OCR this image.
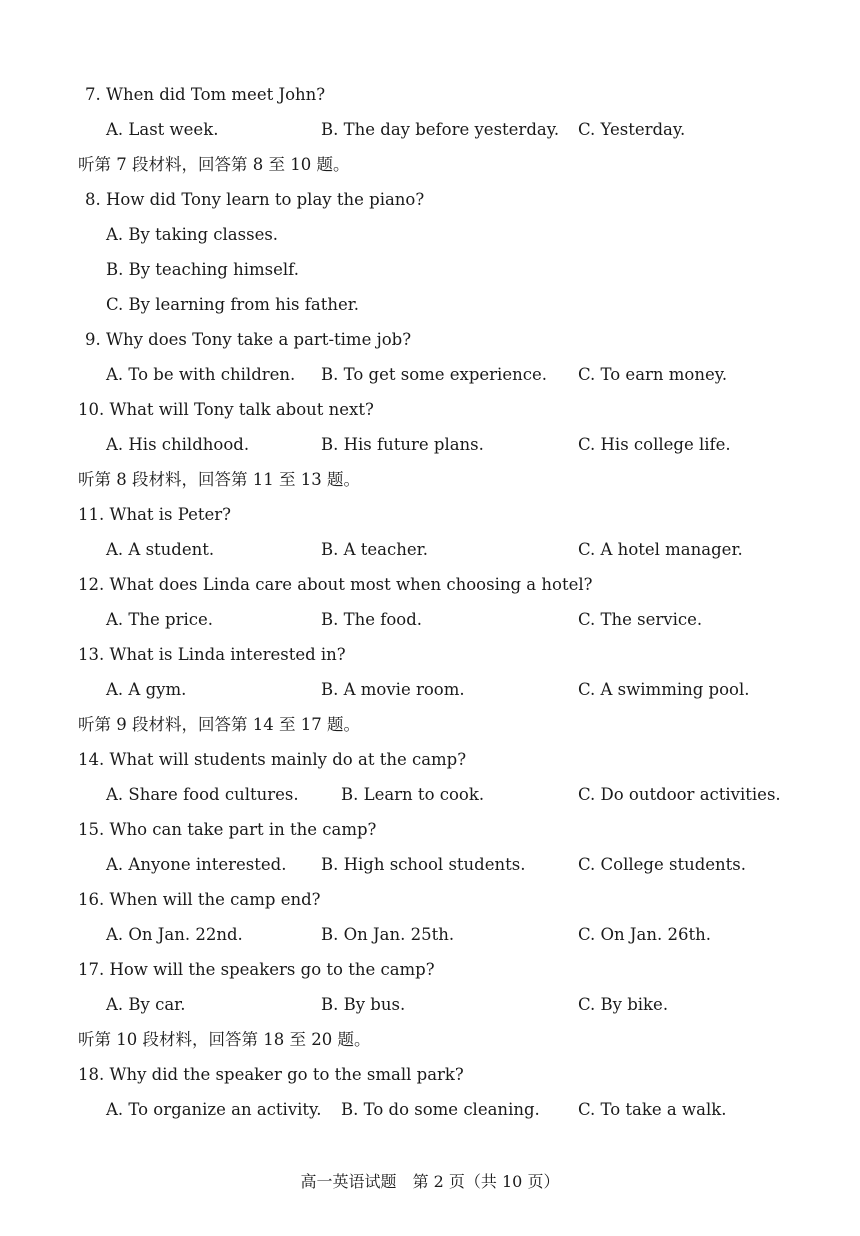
7. When did Tom meet John?
A. Last week.	B. The day before yesterday. C. Yesterday.
听第 7 段材料，回答第 8 至 10 题。
8. How did Tony learn to play the piano?
A. By taking classes.
B. By teaching himself.
C. By learning from his father.
9. Why does Tony take a part-time job?
A. To be with children. B. To get some experience. C. To earn money.
10. What will Tony talk about next?
A. His childhood.	B. His future plans.	C. His college life.
听第 8 段材料，回答第 11 至 13 题。
11. What is Peter?
A. A student.	B. A teacher.	C. A hotel manager.
12. What does Linda care about most when choosing a hotel?
A. The price.	B. The food.	C. The service.
13. What is Linda interested in?
A. A gym.	B. A movie room.	C. A swimming pool.
听第 9 段材料，回答第 14 至 17 题。
14. What will students mainly do at the camp?
A. Share food cultures.	B. Learn to cook.	C. Do outdoor activities.
15. Who can take part in the camp?
A. Anyone interested. B. High school students.	C. College students.
16. When will the camp end?
A. On Jan. 22nd.	B. On Jan. 25th.	C. On Jan. 26th.
17. How will the speakers go to the camp?
A. By car.	B. By bus.	C. By bike.
听第 10 段材料，回答第 18 至 20 题。
18. Why did the speaker go to the small park?
A. To organize an activity. B. To do some cleaning. C. To take a walk.
高一英语试题 第 2 页（共 10 页）
